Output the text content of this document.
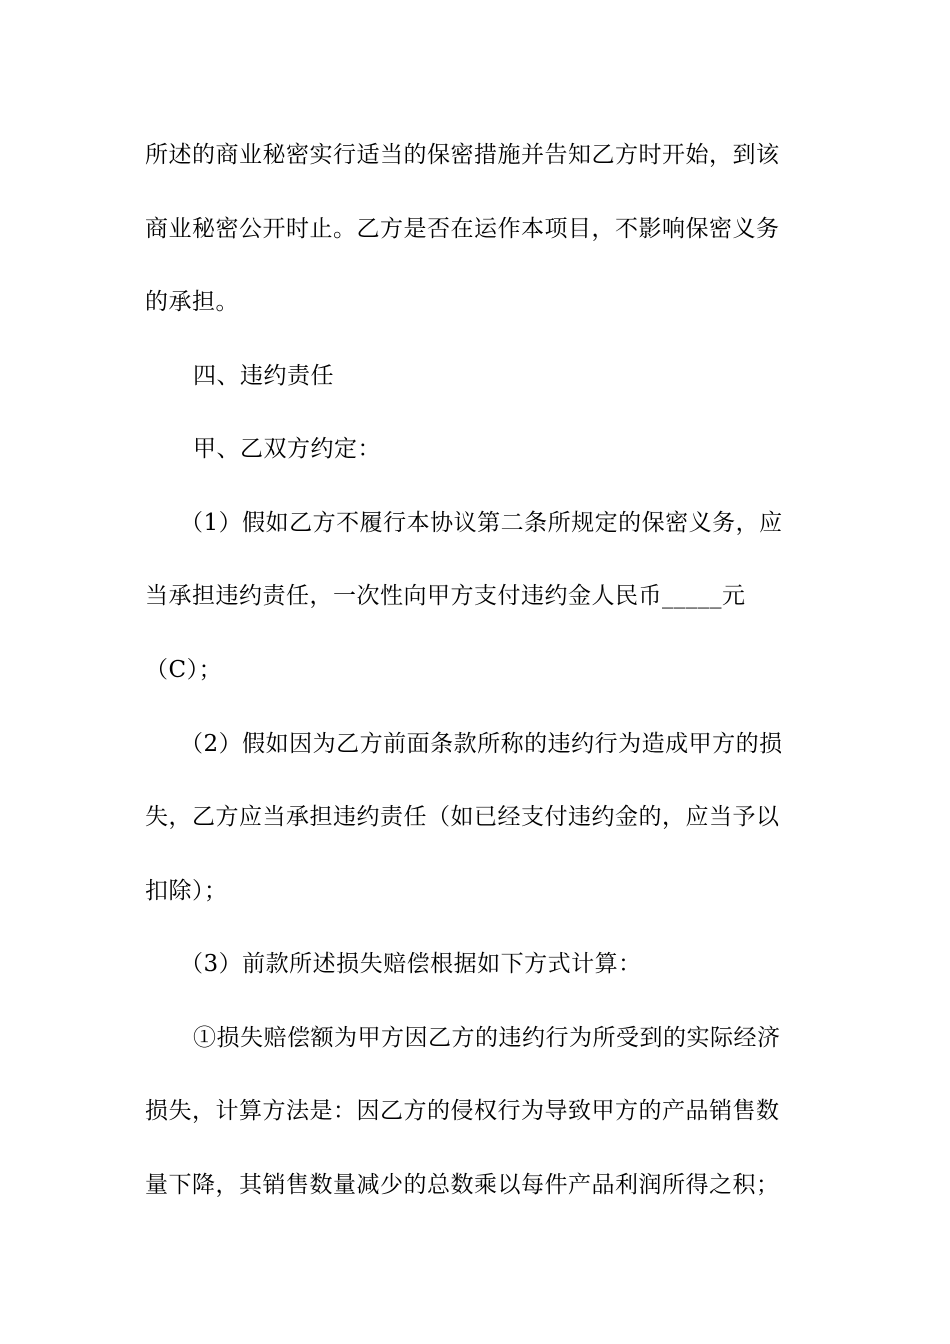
所述的商业秘密实行适当的保密措施并告知乙方时开始，到该
商业秘密公开时止。乙方是否在运作本项目，不影响保密义务
的承担。
四、违约责任
甲、乙双方约定：
（1）假如乙方不履行本协议第二条所规定的保密义务，应
当承担违约责任，一次性向甲方支付违约金人民币_____元
（C）；
（2）假如因为乙方前面条款所称的违约行为造成甲方的损
失，乙方应当承担违约责任（如已经支付违约金的，应当予以
扣除）；
（3）前款所述损失赔偿根据如下方式计算：
①损失赔偿额为甲方因乙方的违约行为所受到的实际经济
损失，计算方法是：因乙方的侵权行为导致甲方的产品销售数
量下降，其销售数量减少的总数乘以每件产品利润所得之积；
